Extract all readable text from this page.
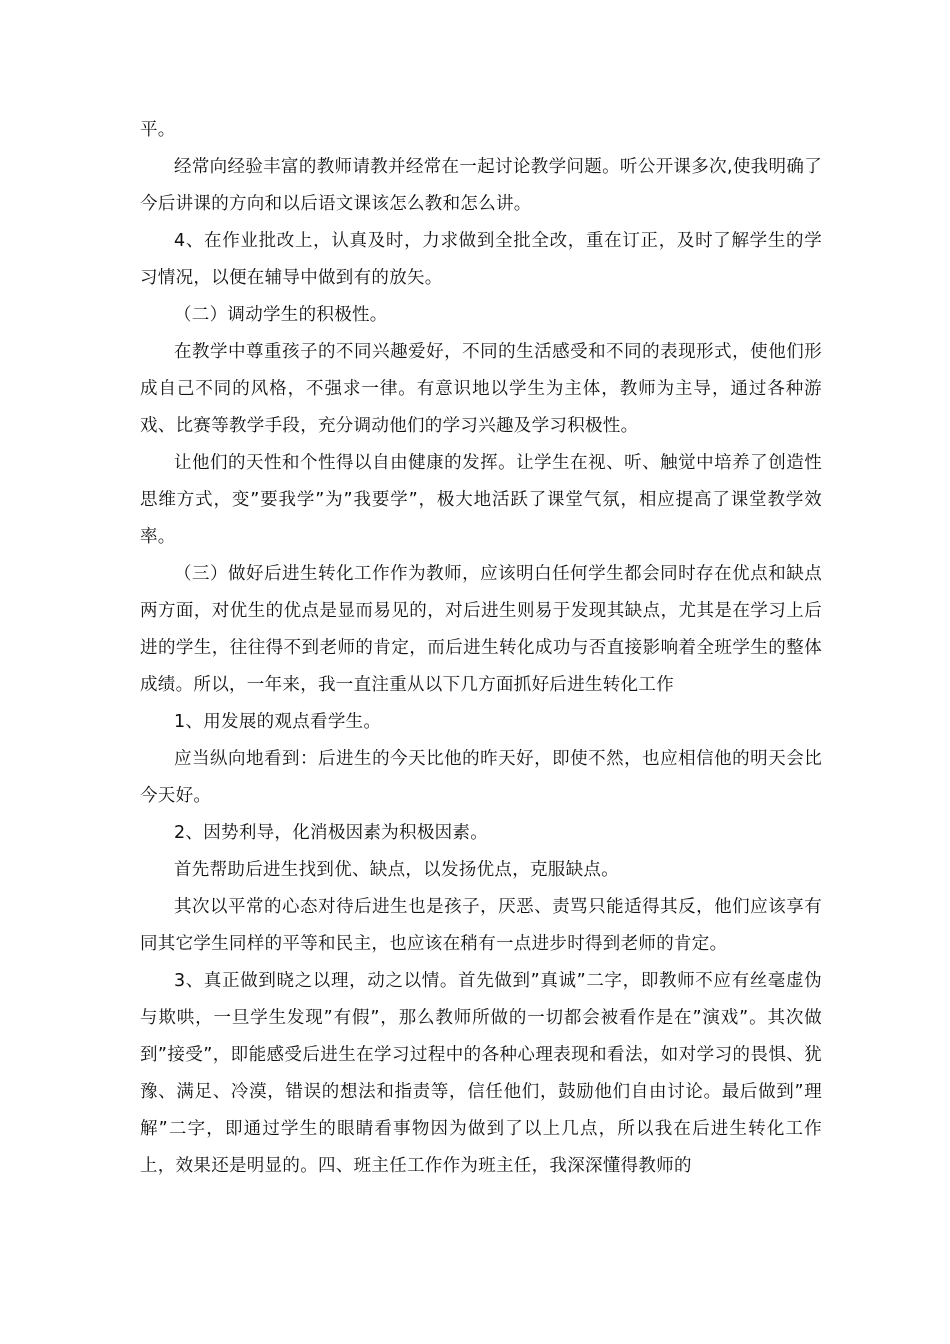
平。

经常向经验丰富的教师请教并经常在一起讨论教学问题。听公开课多次,使我明确了今后讲课的方向和以后语文课该怎么教和怎么讲。

4、在作业批改上，认真及时，力求做到全批全改，重在订正，及时了解学生的学习情况，以便在辅导中做到有的放矢。

（二）调动学生的积极性。

在教学中尊重孩子的不同兴趣爱好，不同的生活感受和不同的表现形式，使他们形成自己不同的风格，不强求一律。有意识地以学生为主体，教师为主导，通过各种游戏、比赛等教学手段，充分调动他们的学习兴趣及学习积极性。

让他们的天性和个性得以自由健康的发挥。让学生在视、听、触觉中培养了创造性思维方式，变”要我学”为”我要学”，极大地活跃了课堂气氛，相应提高了课堂教学效率。

（三）做好后进生转化工作作为教师，应该明白任何学生都会同时存在优点和缺点两方面，对优生的优点是显而易见的，对后进生则易于发现其缺点，尤其是在学习上后进的学生，往往得不到老师的肯定，而后进生转化成功与否直接影响着全班学生的整体成绩。所以，一年来，我一直注重从以下几方面抓好后进生转化工作

1、用发展的观点看学生。

应当纵向地看到：后进生的今天比他的昨天好，即使不然，也应相信他的明天会比今天好。

2、因势利导，化消极因素为积极因素。

首先帮助后进生找到优、缺点，以发扬优点，克服缺点。

其次以平常的心态对待后进生也是孩子，厌恶、责骂只能适得其反，他们应该享有同其它学生同样的平等和民主，也应该在稍有一点进步时得到老师的肯定。

3、真正做到晓之以理，动之以情。首先做到”真诚”二字，即教师不应有丝毫虚伪与欺哄，一旦学生发现”有假”，那么教师所做的一切都会被看作是在”演戏”。其次做到”接受”，即能感受后进生在学习过程中的各种心理表现和看法，如对学习的畏惧、犹豫、满足、冷漠，错误的想法和指责等，信任他们，鼓励他们自由讨论。最后做到”理解”二字，即通过学生的眼睛看事物因为做到了以上几点，所以我在后进生转化工作上，效果还是明显的。四、班主任工作作为班主任，我深深懂得教师的
